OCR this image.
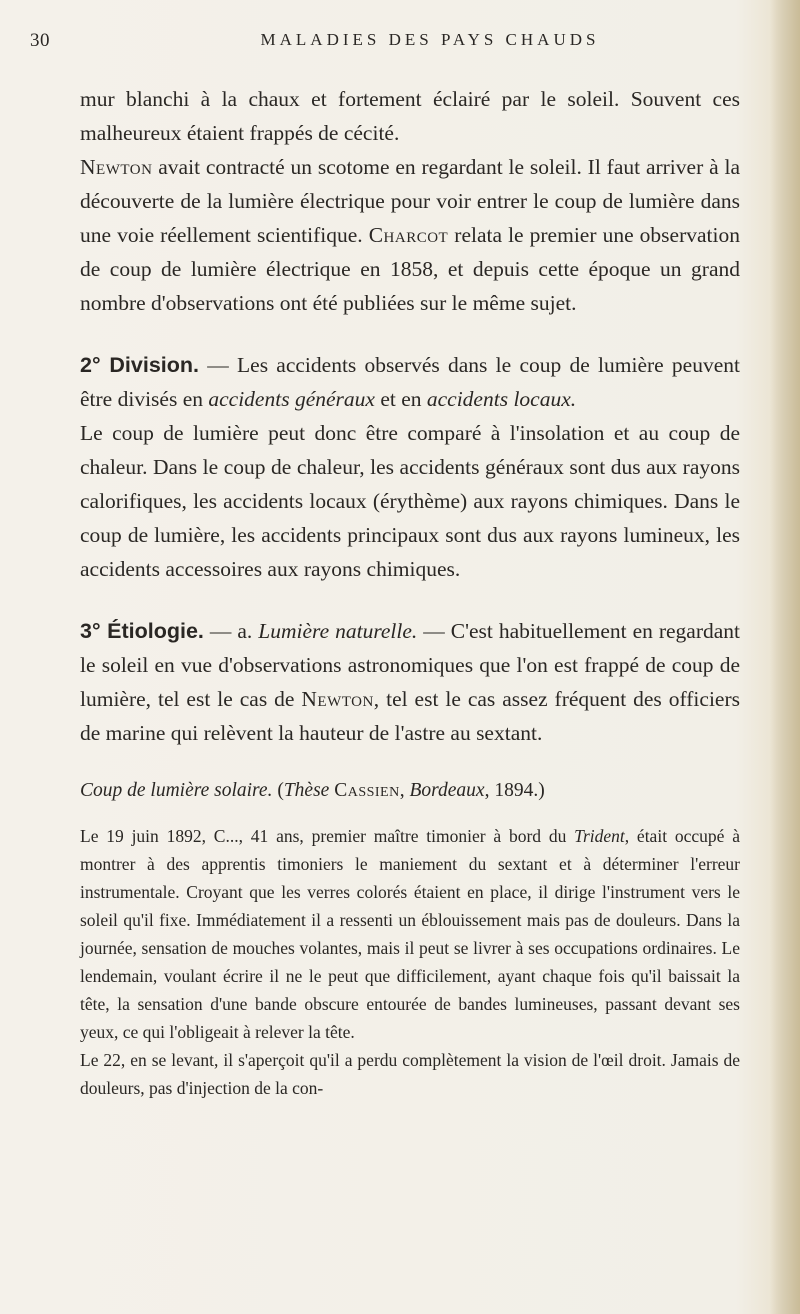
30	MALADIES DES PAYS CHAUDS

mur blanchi à la chaux et fortement éclairé par le soleil. Souvent ces malheureux étaient frappés de cécité.
Newton avait contracté un scotome en regardant le soleil. Il faut arriver à la découverte de la lumière électrique pour voir entrer le coup de lumière dans une voie réellement scientifique. Charcot relata le premier une observation de coup de lumière électrique en 1858, et depuis cette époque un grand nombre d'observations ont été publiées sur le même sujet.

2° Division. — Les accidents observés dans le coup de lumière peuvent être divisés en accidents généraux et en accidents locaux.
Le coup de lumière peut donc être comparé à l'insolation et au coup de chaleur. Dans le coup de chaleur, les accidents généraux sont dus aux rayons calorifiques, les accidents locaux (érythème) aux rayons chimiques. Dans le coup de lumière, les accidents principaux sont dus aux rayons lumineux, les accidents accessoires aux rayons chimiques.

3° Étiologie. — a. Lumière naturelle. — C'est habituellement en regardant le soleil en vue d'observations astronomiques que l'on est frappé de coup de lumière, tel est le cas de Newton, tel est le cas assez fréquent des officiers de marine qui relèvent la hauteur de l'astre au sextant.

Coup de lumière solaire. (Thèse Cassien, Bordeaux, 1894.)

Le 19 juin 1892, C..., 41 ans, premier maître timonier à bord du Trident, était occupé à montrer à des apprentis timoniers le maniement du sextant et à déterminer l'erreur instrumentale. Croyant que les verres colorés étaient en place, il dirige l'instrument vers le soleil qu'il fixe. Immédiatement il a ressenti un éblouissement mais pas de douleurs. Dans la journée, sensation de mouches volantes, mais il peut se livrer à ses occupations ordinaires. Le lendemain, voulant écrire il ne le peut que difficilement, ayant chaque fois qu'il baissait la tête, la sensation d'une bande obscure entourée de bandes lumineuses, passant devant ses yeux, ce qui l'obligeait à relever la tête.

Le 22, en se levant, il s'aperçoit qu'il a perdu complètement la vision de l'œil droit. Jamais de douleurs, pas d'injection de la con-
